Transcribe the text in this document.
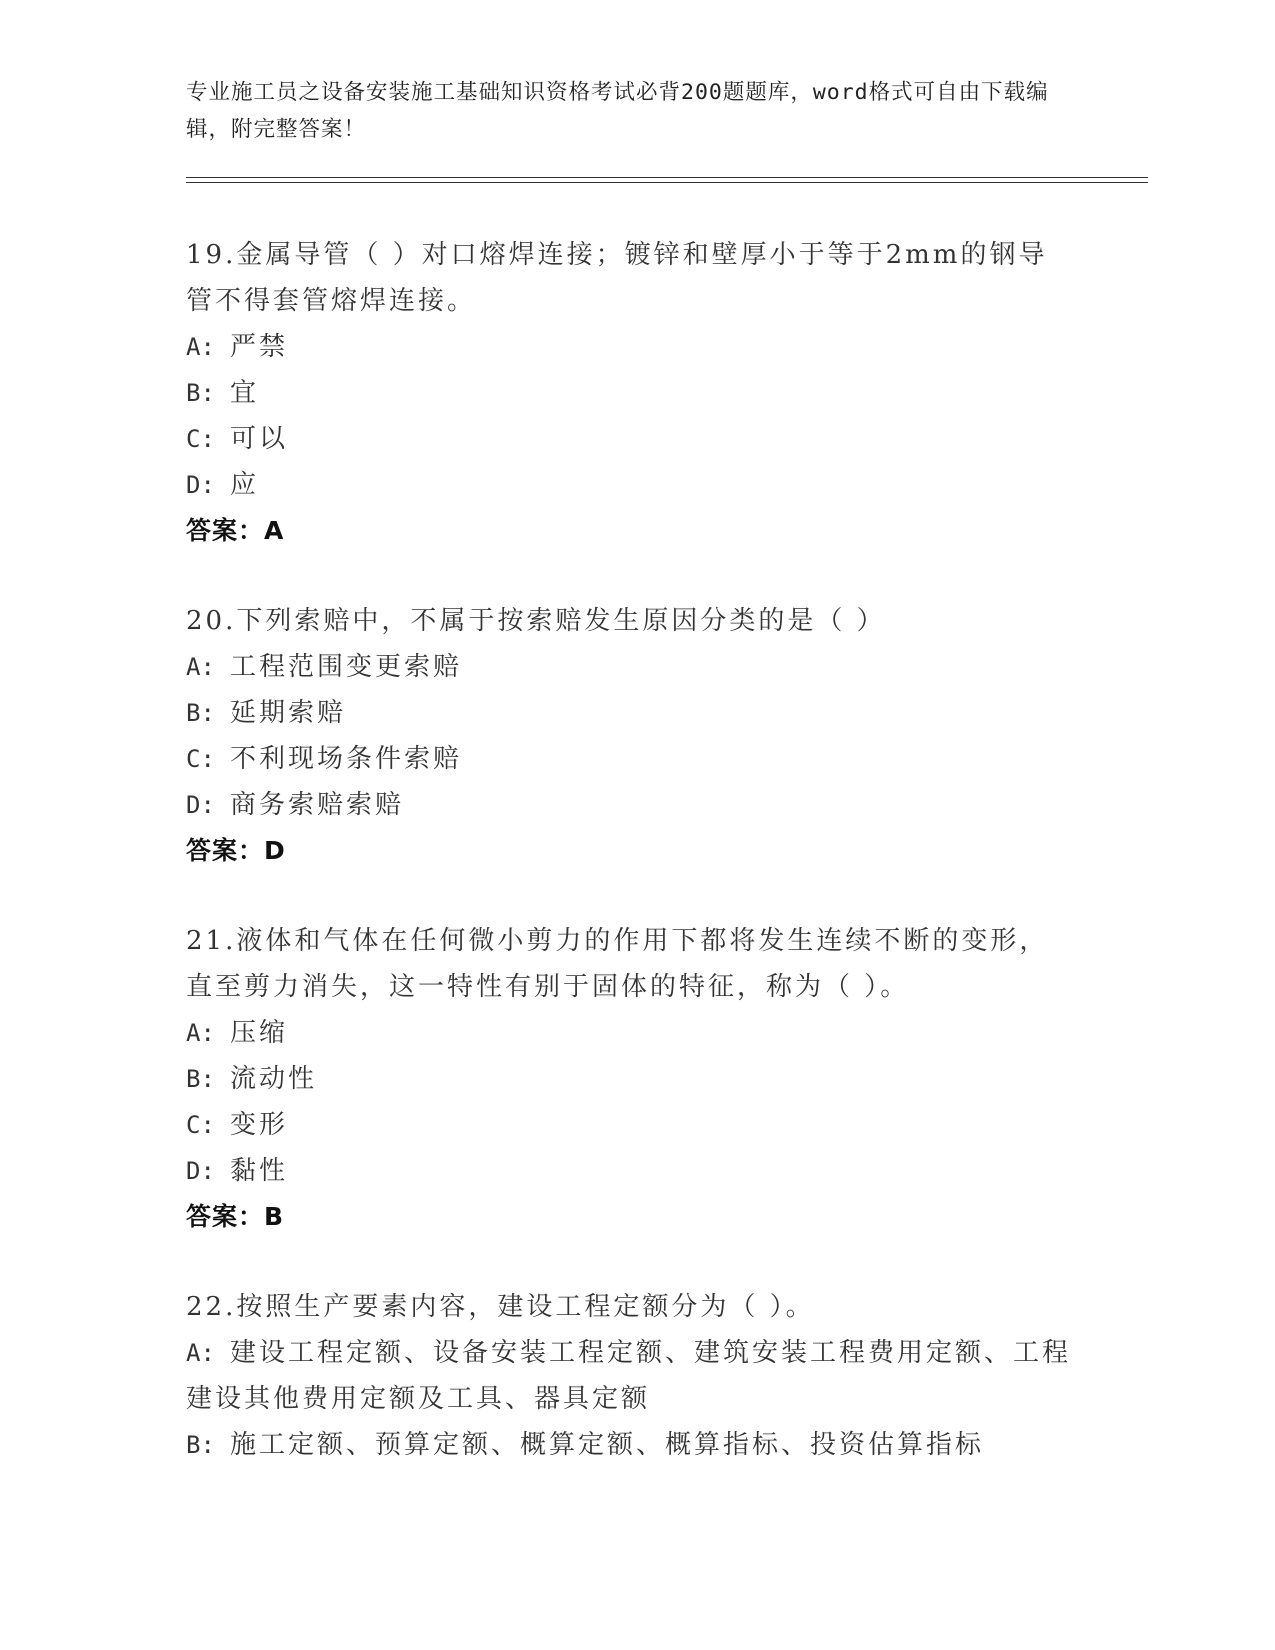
专业施工员之设备安装施工基础知识资格考试必背200题题库，word格式可自由下载编辑，附完整答案！
19.金属导管（ ）对口熔焊连接；镀锌和壁厚小于等于2mm的钢导管不得套管熔焊连接。
A: 严禁
B: 宜
C: 可以
D: 应
答案：A
20.下列索赔中，不属于按索赔发生原因分类的是（ ）
A: 工程范围变更索赔
B: 延期索赔
C: 不利现场条件索赔
D: 商务索赔索赔
答案：D
21.液体和气体在任何微小剪力的作用下都将发生连续不断的变形，直至剪力消失，这一特性有别于固体的特征，称为（ ）。
A: 压缩
B: 流动性
C: 变形
D: 黏性
答案：B
22.按照生产要素内容，建设工程定额分为（ ）。
A: 建设工程定额、设备安装工程定额、建筑安装工程费用定额、工程建设其他费用定额及工具、器具定额
B: 施工定额、预算定额、概算定额、概算指标、投资估算指标
